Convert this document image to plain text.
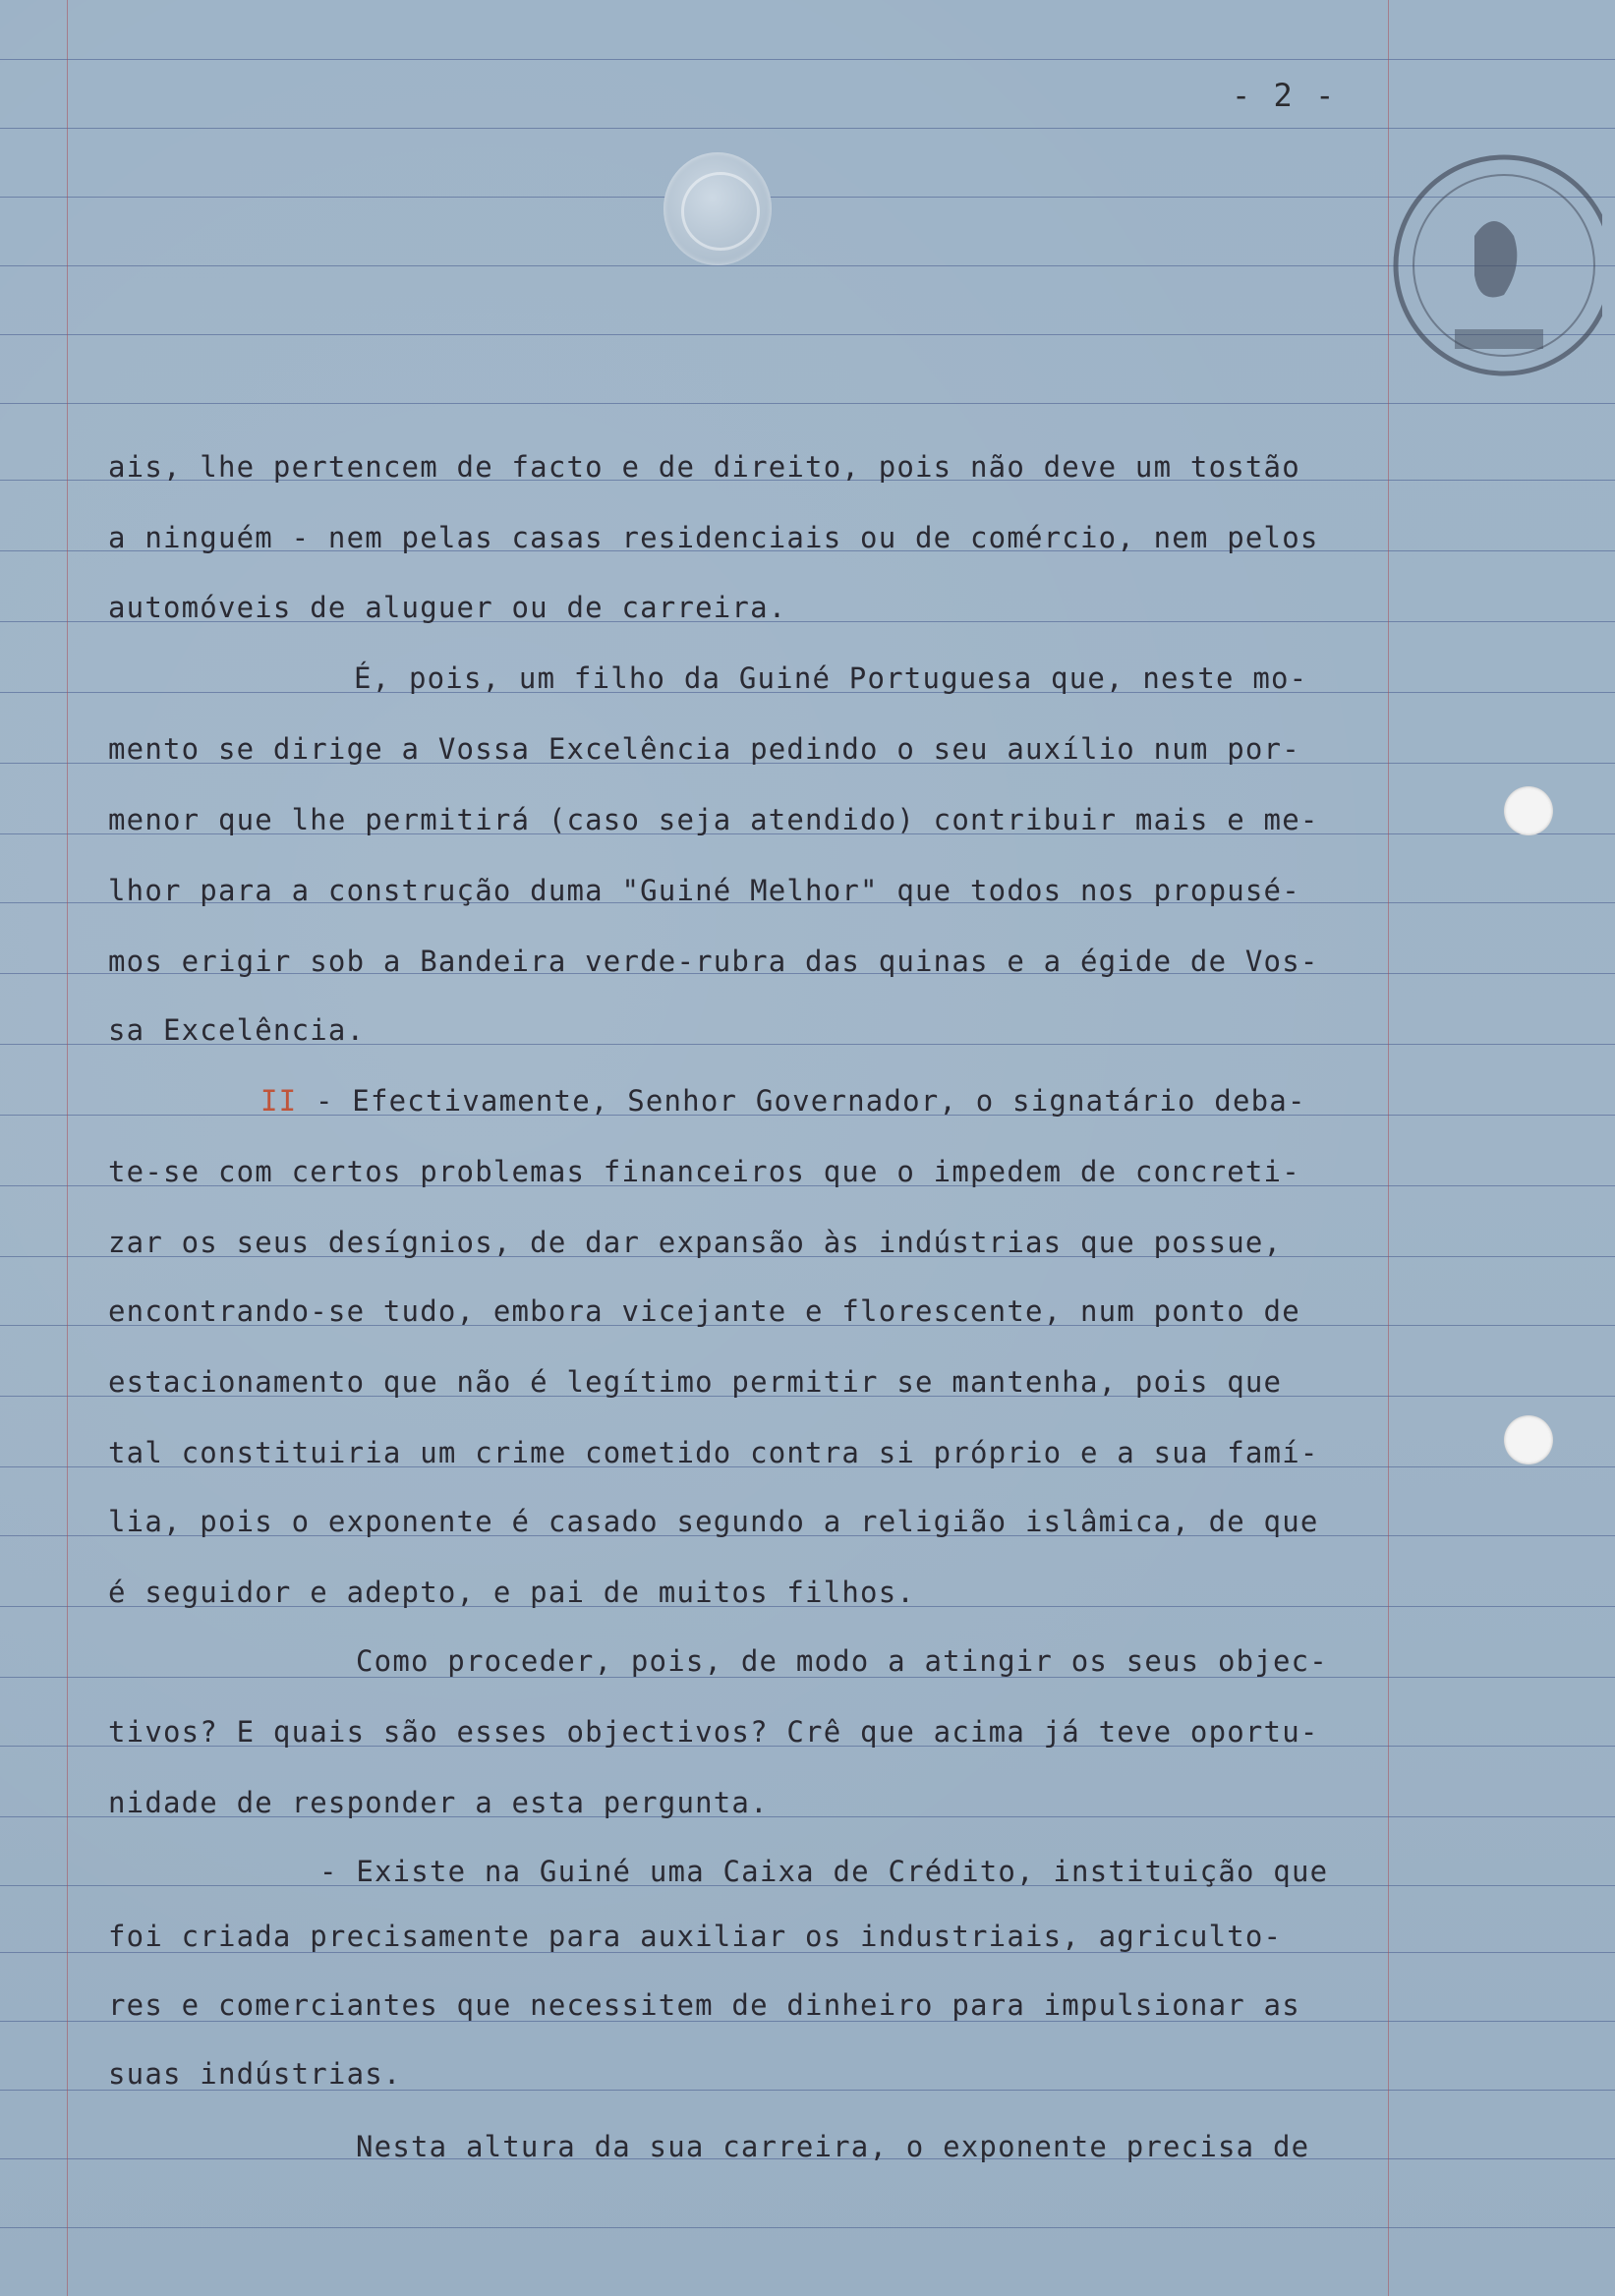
- 2 -
ais, lhe pertencem de facto e de direito, pois não deve um tostão
a ninguém - nem pelas casas residenciais ou de comércio, nem pelos
automóveis de aluguer ou de carreira.
É, pois, um filho da Guiné Portuguesa que, neste mo-
mento se dirige a Vossa Excelência pedindo o seu auxílio num por-
menor que lhe permitirá (caso seja atendido) contribuir mais e me-
lhor para a construção duma "Guiné Melhor" que todos nos propusé-
mos erigir sob a Bandeira verde-rubra das quinas e a égide de Vos-
sa Excelência.
II - Efectivamente, Senhor Governador, o signatário deba-
te-se com certos problemas financeiros que o impedem de concreti-
zar os seus desígnios, de dar expansão às indústrias que possue,
encontrando-se tudo, embora vicejante e florescente, num ponto de
estacionamento que não é legítimo permitir se mantenha, pois que
tal constituiria um crime cometido contra si próprio e a sua famí-
lia, pois o exponente é casado segundo a religião islâmica, de que
é seguidor e adepto, e pai de muitos filhos.
Como proceder, pois, de modo a atingir os seus objec-
tivos? E quais são esses objectivos? Crê que acima já teve oportu-
nidade de responder a esta pergunta.
- Existe na Guiné uma Caixa de Crédito, instituição que
foi criada precisamente para auxiliar os industriais, agriculto-
res e comerciantes que necessitem de dinheiro para impulsionar as
suas indústrias.
Nesta altura da sua carreira, o exponente precisa de
